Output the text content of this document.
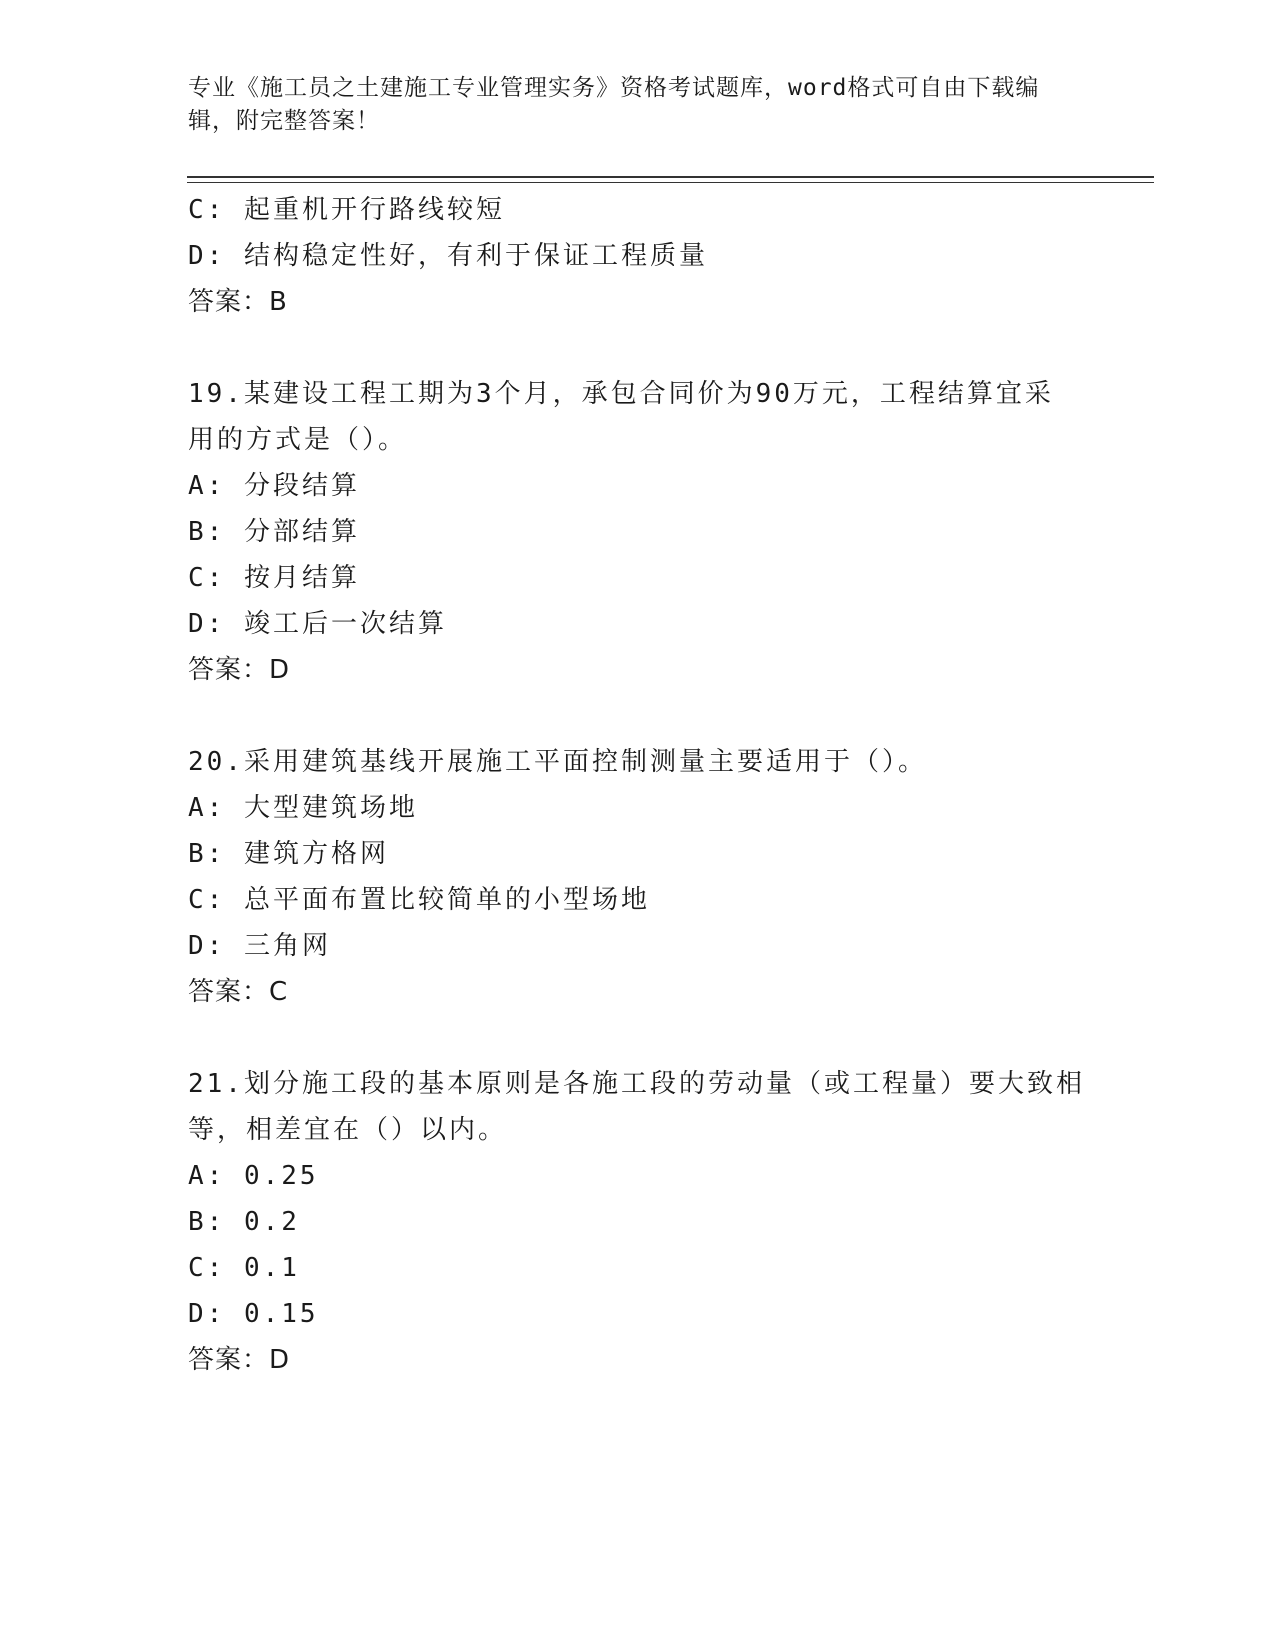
专业《施工员之土建施工专业管理实务》资格考试题库，word格式可自由下载编
辑，附完整答案！
C: 起重机开行路线较短
D: 结构稳定性好，有利于保证工程质量
答案：B
19.某建设工程工期为3个月，承包合同价为90万元，工程结算宜采
用的方式是（）。
A: 分段结算
B: 分部结算
C: 按月结算
D: 竣工后一次结算
答案：D
20.采用建筑基线开展施工平面控制测量主要适用于（）。
A: 大型建筑场地
B: 建筑方格网
C: 总平面布置比较简单的小型场地
D: 三角网
答案：C
21.划分施工段的基本原则是各施工段的劳动量（或工程量）要大致相
等，相差宜在（）以内。
A: 0.25
B: 0.2
C: 0.1
D: 0.15
答案：D
